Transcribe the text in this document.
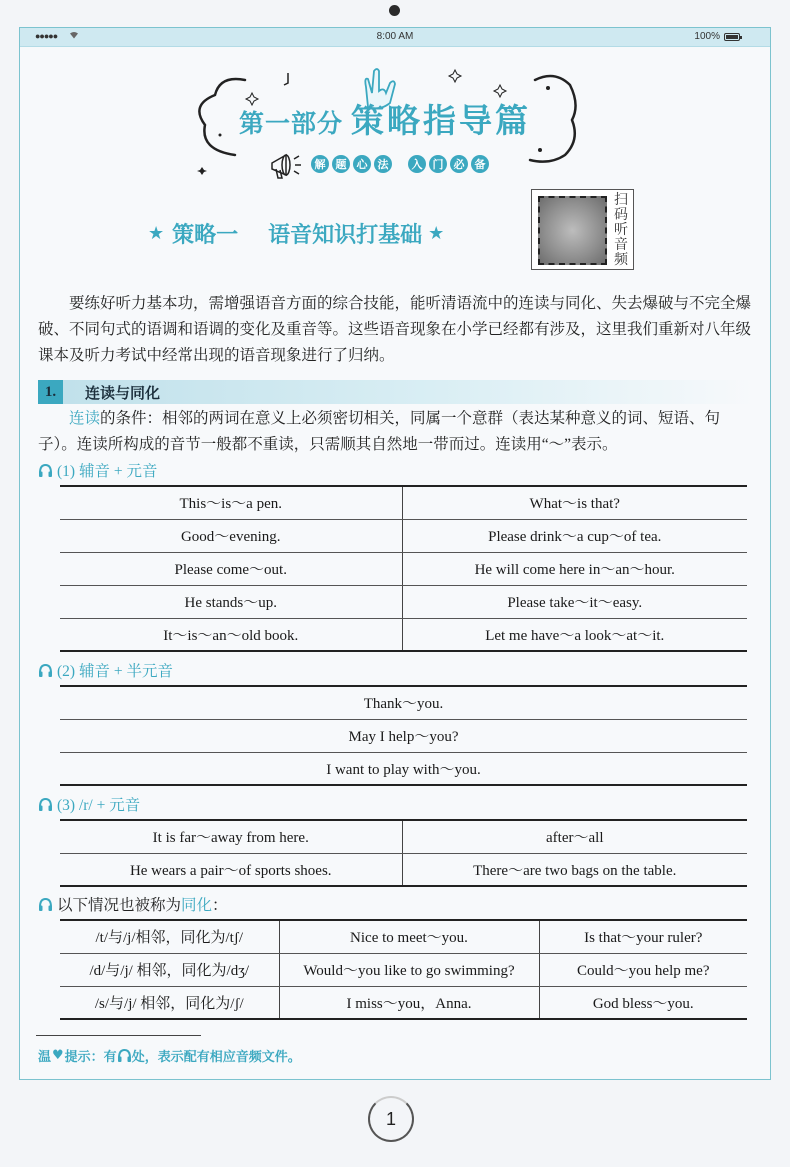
●●●●●	8:00 AM	100%
第一部分 策略指导篇
解 题 心 法	入 门 必 备
★ 策略一 语音知识打基础 ★
扫码听音频

要练好听力基本功，需增强语音方面的综合技能，能听清语流中的连读与同化、失去爆破与不完全爆破、不同句式的语调和语调的变化及重音等。这些语音现象在小学已经都有涉及，这里我们重新对八年级课本及听力考试中经常出现的语音现象进行了归纳。

1.	连读与同化

连读的条件：相邻的两词在意义上必须密切相关，同属一个意群（表达某种意义的词、短语、句子）。连读所构成的音节一般都不重读，只需顺其自然地一带而过。连读用“～”表示。

(1) 辅音 + 元音
This～is～a pen.	What～is that?
Good～evening.	Please drink～a cup～of tea.
Please come～out.	He will come here in～an～hour.
He stands～up.	Please take～it～easy.
It～is～an～old book.	Let me have～a look～at～it.
(2) 辅音 + 半元音
Thank～you.
May I help～you?
I want to play with～you.
(3) /r/ + 元音
It is far～away from here.	after～all
He wears a pair～of sports shoes.	There～are two bags on the table.
以下情况也被称为 同化 ：
/t/与/j/相邻，同化为/tʃ/	Nice to meet～you.	Is that～your ruler?
/d/与/j/ 相邻，同化为/dʒ/	Would～you like to go swimming?	Could～you help me?
/s/与/j/ 相邻，同化为/ʃ/	I miss～you，Anna.	God bless～you.
温 ♥ 提示：有 处，表示配有相应音频文件。
1
